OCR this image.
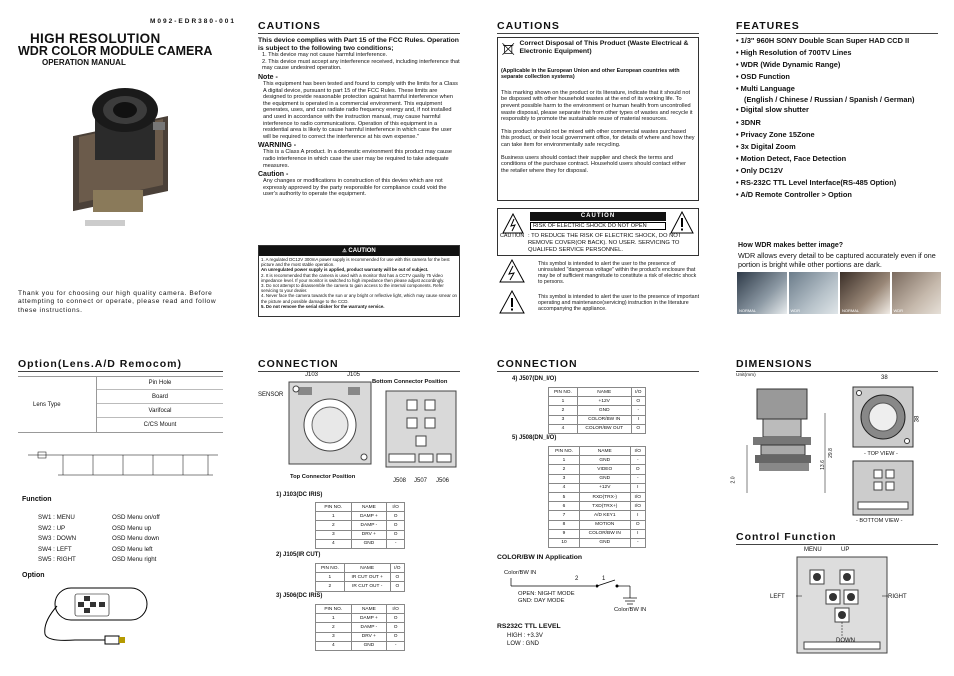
M092-EDR380-001
HIGH RESOLUTION
WDR COLOR MODULE CAMERA
OPERATION MANUAL
Thank you for choosing our high quality camera. Before attempting to connect or operate, please read and follow these instructions.
CAUTIONS
This device complies with Part 15 of the FCC Rules. Operation is subject to the following two conditions;
1. This device may not cause harmful interference.
2. This device must accept any interference received, including interference that may cause undesired operation.
Note -
This equipment has been tested and found to comply with the limits for a Class A digital device, pursuant to part 15 of the FCC Rules. These limits are designed to provide reasonable protection against harmful interference when the equipment is operated in a commercial environment. This equipment generates, uses, and can radiate radio frequency energy and, if not installed and used in accordance with the instruction manual, may cause harmful interference to radio communications. Operation of this equipment in a residential area is likely to cause harmful interference in which case the user will be required to correct the interference at his own expense."
WARNING -
This is a Class A product. In a domestic environment this product may cause radio interference in which case the user may be required to take adequate measures.
Caution -
Any changes or modifications in construction of this devies which are not expressly approved by the party responsible for compliance could void the user's authority to operate the equipment.
⚠ CAUTION
1. A regulated DC12V 300mA power supply is recommended for use with this camera for the best picture and the most stable operation.
An unregulated power supply is applied, product warranty will be out of subject.
2. It is recommended that the camera is used with a monitor that has a CCTV quality 75 video impedance level. If your monitor is switched to high impedance then please adjust accordingly.
3. Do not attempt to disassemble the camera to gain access to the internal components. Refer servicing to your dealer.
4. Never face the camera towards the sun or any bright or reflective light, which may cause smear on the picture and possible damage to the CCD.
5. Do not remove the serial sticker for the warranty service.
CAUTIONS
Correct Disposal of This Product (Waste Electrical & Electronic Equipment)
(Applicable in the European Union and other European countries with separate collection systems)
This marking shown on the product or its literature, indicate that it should not be disposed with other household wastes at the end of its working life. To prevent possible harm to the environment or human health from uncontrolled waste disposal, please separate this from other types of wastes and recycle it responsibly to promote the sustainable reuse of material resources.
This product should not be mixed with other commercial wastes purchased this product, or their local government office, for details of where and how they can take item for environmentally safe recycling.
Business users should contact their supplier and check the terms and conditions of the purchase contract. Household users should contact either the retailer where they for disposal.
CAUTION
RISK OF ELECTRIC SHOCK DO NOT OPEN
CAUTION : TO REDUCE THE RISK OF ELECTRIC SHOCK, DO NOT REMOVE COVER(OR BACK). NO USER. SERVICING TO QUALIFED SERVICE PERSONNEL.
This symbol is intended to alert the user to the presence of uninsulated "dangerous voltage" within the product's enclosure that may be of sufficient mangnitude to constitute a risk of electric shock to persons.
This symbol is intended to alert the user to the presence of important operating and maintenance(servicing) instruction in the literature accompanying the appliance.
FEATURES
• 1/3" 960H SONY Double Scan Super HAD CCD II
• High Resolution of 700TV Lines
• WDR (Wide Dynamic Range)
• OSD Function
• Multi Language
(English / Chinese / Russian / Spanish / German)
• Digital slow shutter
• 3DNR
• Privacy Zone 15Zone
• 3x Digital Zoom
• Motion Detect, Face Detection
• Only DC12V
• RS-232C TTL Level Interface(RS-485 Option)
• A/D Remote Controller > Option
How WDR makes better image?
WDR allows every detail to be captured accurately even if one portion is bright while other portions are dark.
NORMAL	WDR	NORMAL	WDR
Option(Lens.A/D Remocom)
Lens Type
Pin Hole
Board
Varifocal
C/CS Mount
Function
SW1 : MENU	OSD Menu on/off
SW2 : UP	OSD Menu up
SW3 : DOWN	OSD Menu down
SW4 : LEFT	OSD Menu left
SW5 : RIGHT	OSD Menu right
Option
CONNECTION
J103	J105
SENSOR
Bottom Connector Position
Top Connector Position
J508 J507 J506
1) J103(DC IRIS)
PIN NO.	NAME	I/O
1	DAMP +	O
2	DAMP -	O
3	DRV +	O
4	GND	-
2) J105(IR CUT)
PIN NO.	NAME	I/O
1	IR CUT OUT +	O
2	IR CUT OUT -	O
3) J506(DC IRIS)
PIN NO.	NAME	I/O
1	DAMP +	O
2	DAMP -	O
3	DRV +	O
4	GND	-
CONNECTION
4) J507(DN_I/O)
PIN NO.	NAME	I/O
1	+12V	O
2	GND	-
3	COLOR/BW IN	I
4	COLOR/BW OUT	O
5) J508(DN_I/O)
PIN NO.	NAME	I/O
1	GND	-
2	VIDEO	O
3	GND	-
4	+12V	I
5	RXD(TRX-)	I/O
6	TXD(TRX+)	I/O
7	A/D KEY1	I
8	MOTION	O
9	COLOR/BW IN	I
10	GND	-
COLOR/BW IN Application
Color/BW IN
2	1
OPEN: NIGHT MODE
GND: DAY MODE
Color/BW IN
RS232C TTL LEVEL
HIGH : +3.3V
LOW : GND
DIMENSIONS
Unit(mm)
13.6
29.8
2.0
38
38
- TOP VIEW -
- BOTTOM VIEW -
Control Function
MENU	UP
LEFT	RIGHT
DOWN
